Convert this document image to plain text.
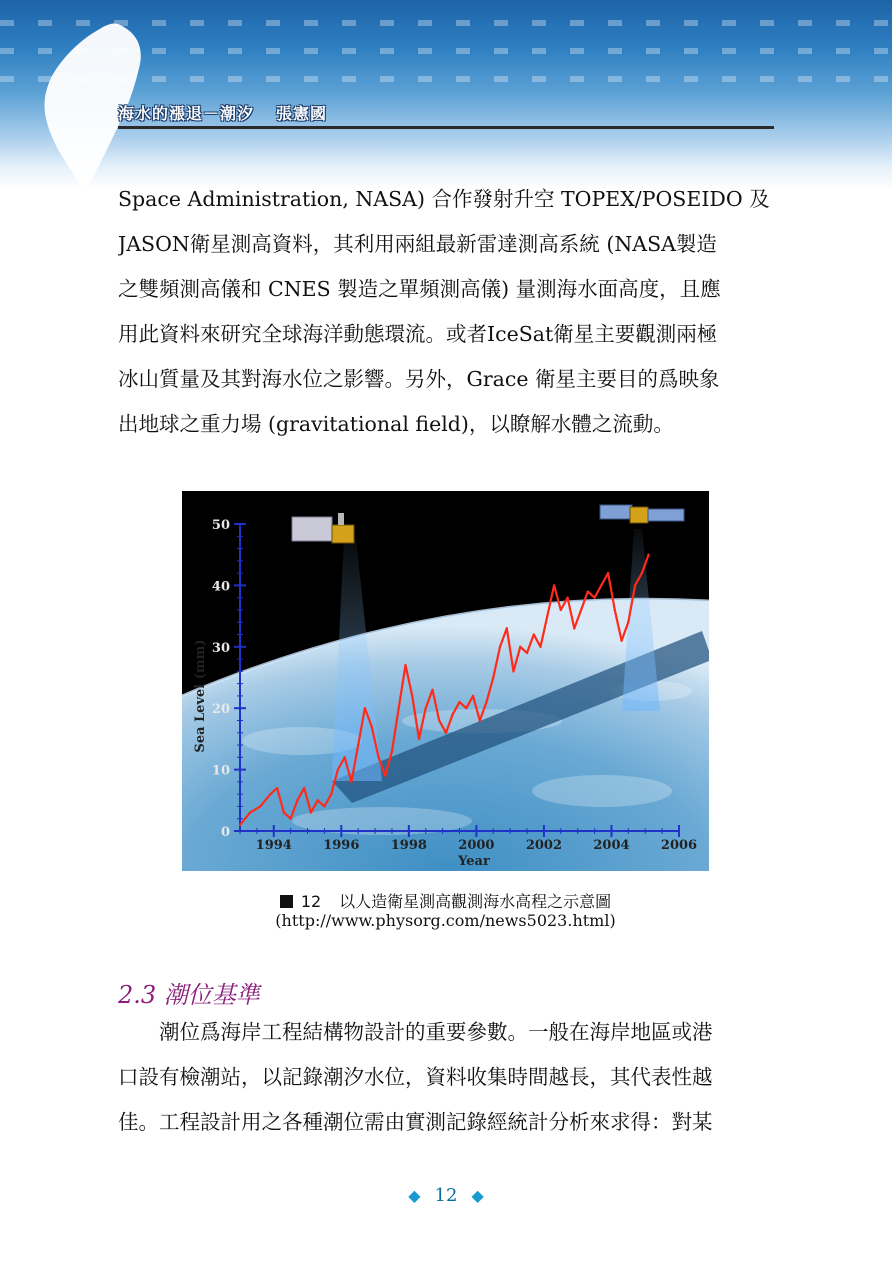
海水的漲退－潮汐 張憲國
Space Administration, NASA) 合作發射升空 TOPEX/POSEIDO 及
JASON衛星測高資料，其利用兩組最新雷達測高系統 (NASA製造
之雙頻測高儀和 CNES 製造之單頻測高儀) 量測海水面高度，且應
用此資料來研究全球海洋動態環流。或者IceSat衛星主要觀測兩極
冰山質量及其對海水位之影響。另外，Grace 衛星主要目的爲映象
出地球之重力場 (gravitational field)，以瞭解水體之流動。
0
10
20
30
40
50
1994 1996 1998 2000 2002 2004 2006
Year
Sea Level (mm)
12 以人造衛星測高觀測海水高程之示意圖
(http://www.physorg.com/news5023.html)
2.3 潮位基準
　　潮位爲海岸工程結構物設計的重要參數。一般在海岸地區或港
口設有檢潮站，以記錄潮汐水位，資料收集時間越長，其代表性越
佳。工程設計用之各種潮位需由實測記錄經統計分析來求得：對某
◆ 12 ◆
